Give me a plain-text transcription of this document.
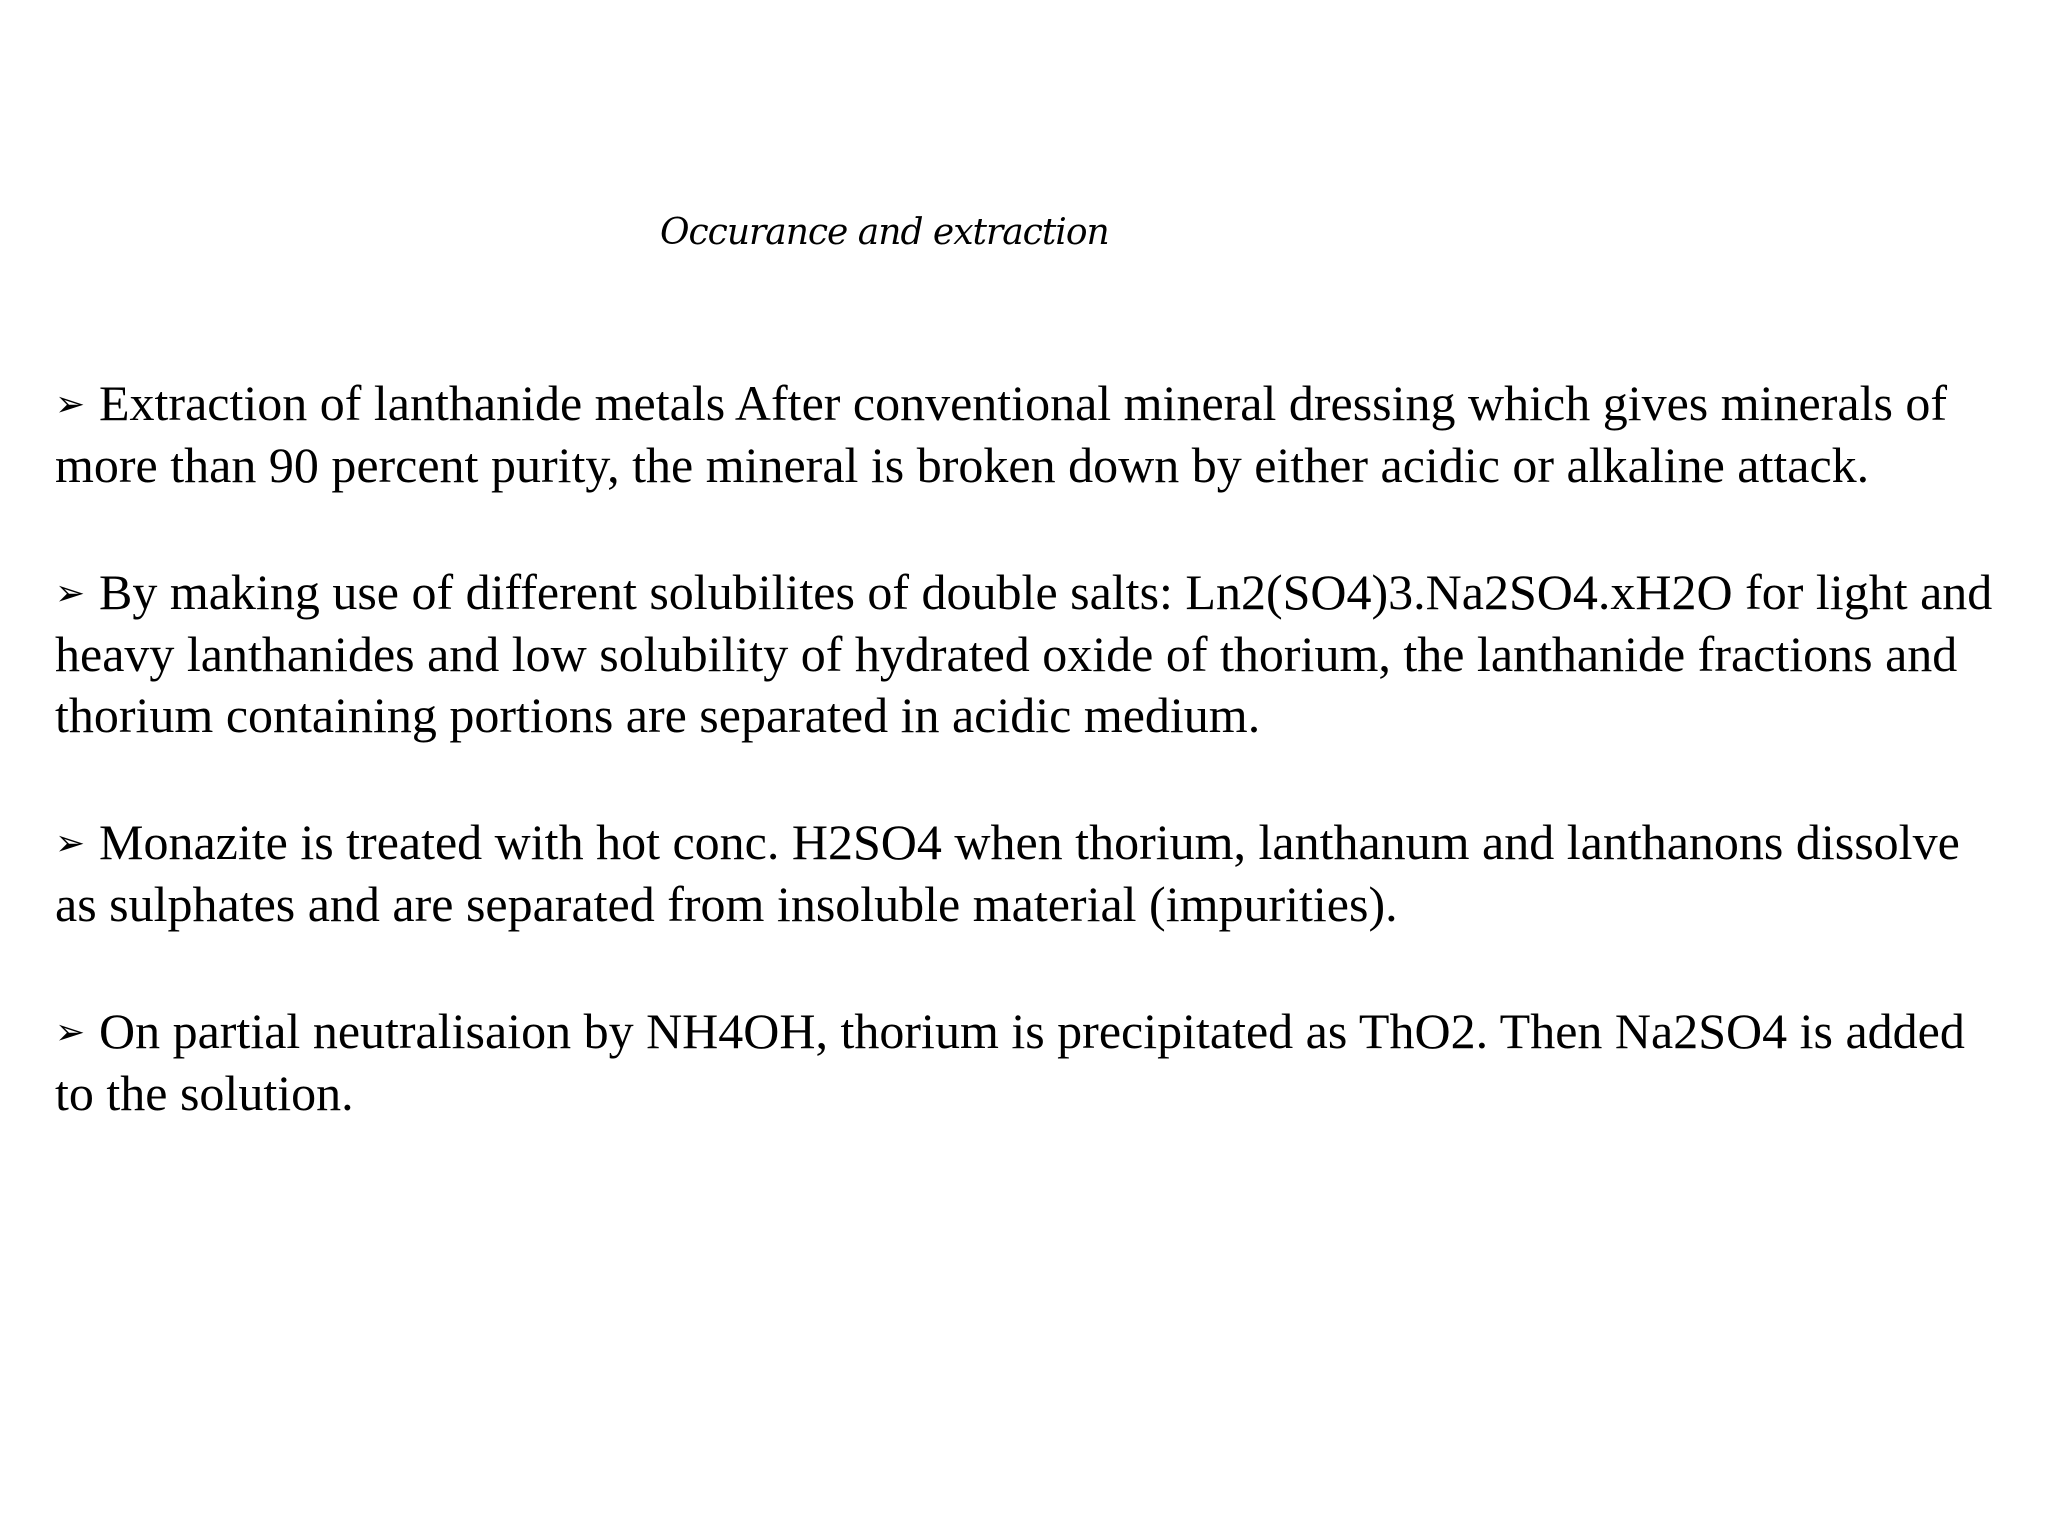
Occurance and extraction
➢ Extraction of lanthanide metals After conventional mineral dressing which gives minerals of more than 90 percent purity, the mineral is broken down by either acidic or alkaline attack.
➢ By making use of different solubilites of double salts: Ln2(SO4)3.Na2SO4.xH2O for light and heavy lanthanides and low solubility of hydrated oxide of thorium, the lanthanide fractions and thorium containing portions are separated in acidic medium.
➢ Monazite is treated with hot conc. H2SO4 when thorium, lanthanum and lanthanons dissolve as sulphates and are separated from insoluble material (impurities).
➢ On partial neutralisaion by NH4OH, thorium is precipitated as ThO2. Then Na2SO4 is added to the solution.
